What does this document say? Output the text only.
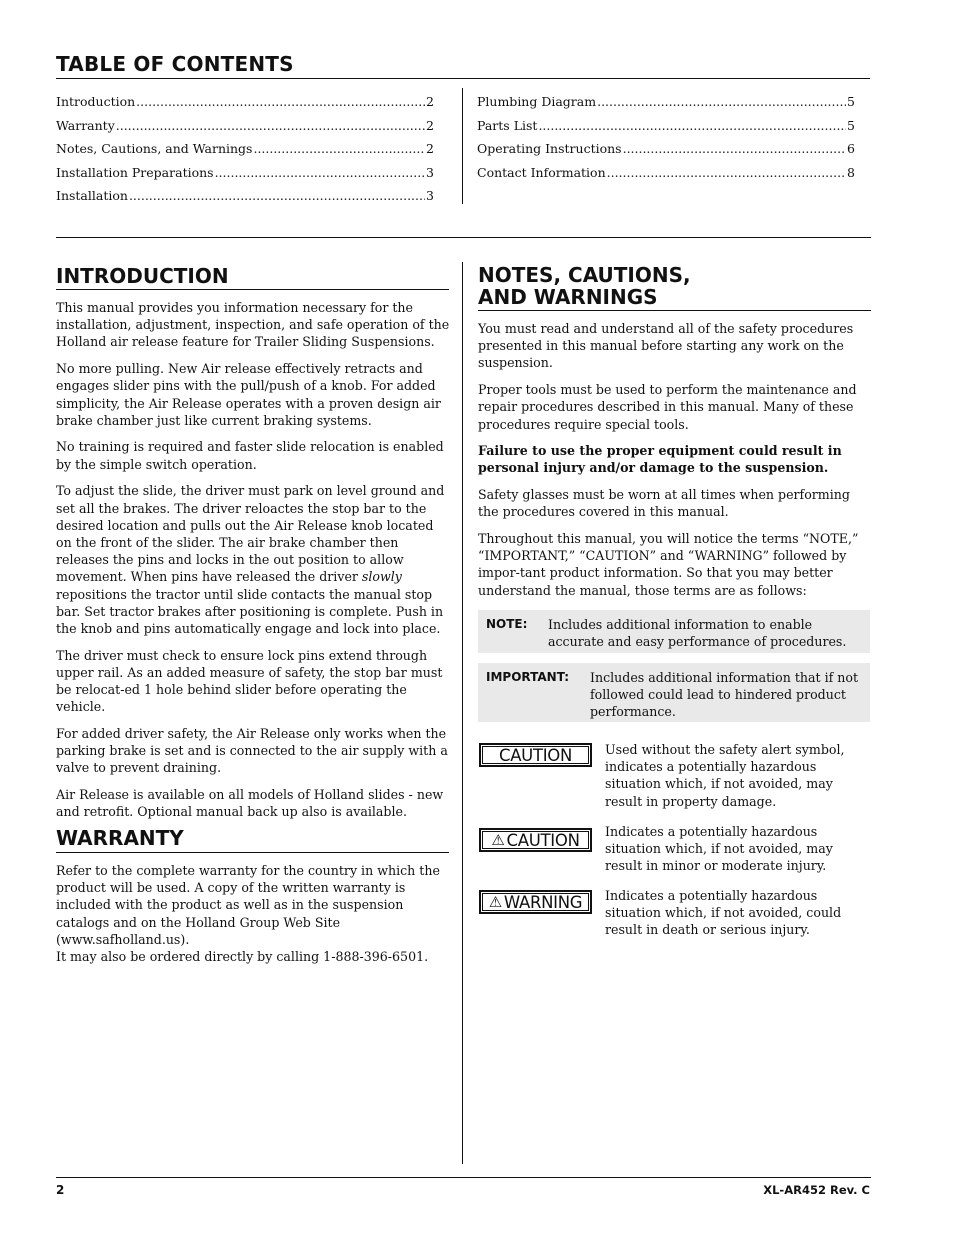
TABLE OF CONTENTS
Introduction .....	2
Warranty .....	2
Notes, Cautions, and Warnings .....	2
Installation Preparations .....	3
Installation .....	3
Plumbing Diagram .....	5
Parts List .....	5
Operating Instructions .....	6
Contact Information .....	8
INTRODUCTION

This manual provides you information necessary for the installation, adjustment, inspection, and safe operation of the Holland air release feature for Trailer Sliding Suspensions.

No more pulling. New Air release effectively retracts and engages slider pins with the pull/push of a knob. For added simplicity, the Air Release operates with a proven design air brake chamber just like current braking systems.

No training is required and faster slide relocation is enabled by the simple switch operation.

To adjust the slide, the driver must park on level ground and set all the brakes. The driver reloactes the stop bar to the desired location and pulls out the Air Release knob located on the front of the slider. The air brake chamber then releases the pins and locks in the out position to allow movement. When pins have released the driver slowly repositions the tractor until slide contacts the manual stop bar. Set tractor brakes after positioning is complete. Push in the knob and pins automatically engage and lock into place.

The driver must check to ensure lock pins extend through upper rail. As an added measure of safety, the stop bar must be relocat-ed 1 hole behind slider before operating the vehicle.

For added driver safety, the Air Release only works when the parking brake is set and is connected to the air supply with a valve to prevent draining.

Air Release is available on all models of Holland slides - new and retrofit. Optional manual back up also is available.

WARRANTY
Refer to the complete warranty for the country in which the product will be used. A copy of the written warranty is included with the product as well as in the suspension catalogs and on the Holland Group Web Site (www.safholland.us).
It may also be ordered directly by calling 1-888-396-6501.
NOTES, CAUTIONS,
AND WARNINGS

You must read and understand all of the safety procedures presented in this manual before starting any work on the suspension.

Proper tools must be used to perform the maintenance and repair procedures described in this manual. Many of these procedures require special tools.

Failure to use the proper equipment could result in personal injury and/or damage to the suspension.

Safety glasses must be worn at all times when performing the procedures covered in this manual.

Throughout this manual, you will notice the terms “NOTE,” “IMPORTANT,” “CAUTION” and “WARNING” followed by impor-tant product information. So that you may better understand the manual, those terms are as follows:

NOTE:	Includes additional information to enable accurate and easy performance of procedures.
IMPORTANT:	Includes additional information that if not followed could lead to hindered product performance.
CAUTION	Used without the safety alert symbol, indicates a potentially hazardous situation which, if not avoided, may result in property damage.
⚠ CAUTION Indicates a potentially hazardous situation which, if not avoided, may result in minor or moderate injury.
⚠ WARNING Indicates a potentially hazardous situation which, if not avoided, could result in death or serious injury.
2	XL-AR452 Rev. C
